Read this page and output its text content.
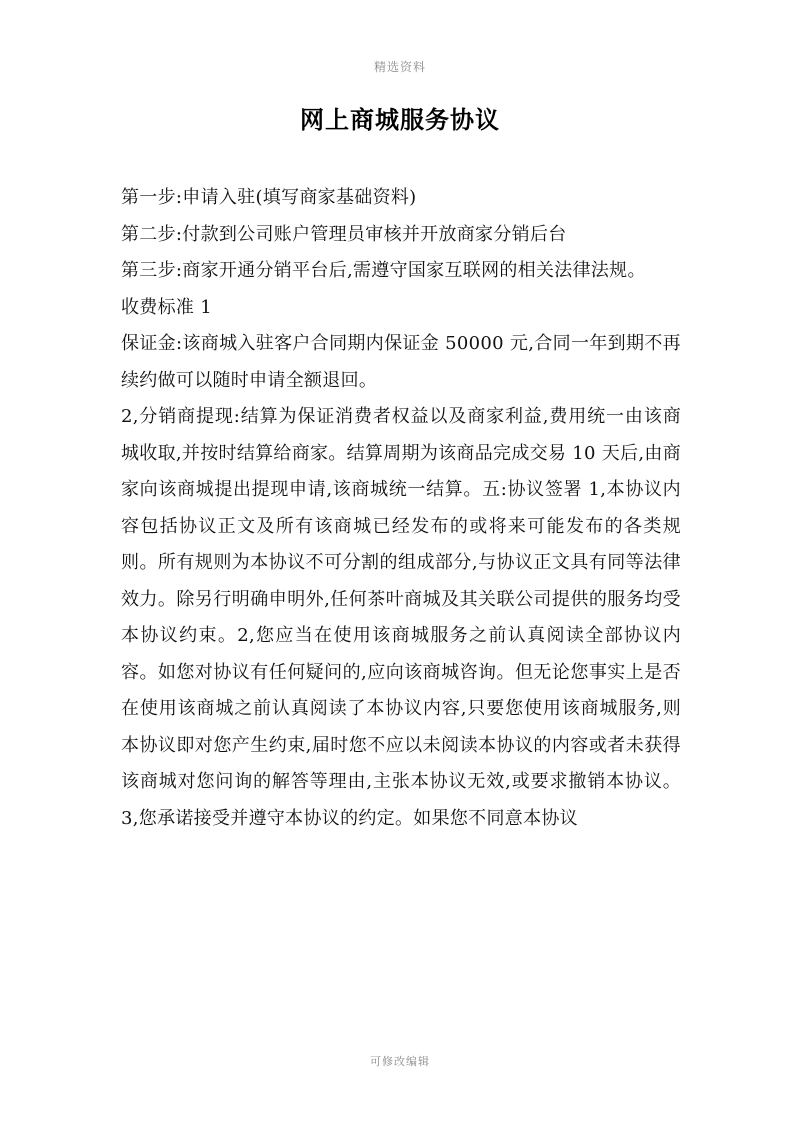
精选资料
网上商城服务协议

第一步:申请入驻(填写商家基础资料)

第二步:付款到公司账户管理员审核并开放商家分销后台

第三步:商家开通分销平台后,需遵守国家互联网的相关法律法规。

收费标准 1

保证金:该商城入驻客户合同期内保证金 50000 元,合同一年到期不再续约做可以随时申请全额退回。

2,分销商提现:结算为保证消费者权益以及商家利益,费用统一由该商城收取,并按时结算给商家。结算周期为该商品完成交易 10 天后,由商家向该商城提出提现申请,该商城统一结算。五:协议签署 1,本协议内容包括协议正文及所有该商城已经发布的或将来可能发布的各类规则。所有规则为本协议不可分割的组成部分,与协议正文具有同等法律效力。除另行明确申明外,任何茶叶商城及其关联公司提供的服务均受本协议约束。2,您应当在使用该商城服务之前认真阅读全部协议内容。如您对协议有任何疑问的,应向该商城咨询。但无论您事实上是否在使用该商城之前认真阅读了本协议内容,只要您使用该商城服务,则本协议即对您产生约束,届时您不应以未阅读本协议的内容或者未获得该商城对您问询的解答等理由,主张本协议无效,或要求撤销本协议。3,您承诺接受并遵守本协议的约定。如果您不同意本协议

可修改编辑
